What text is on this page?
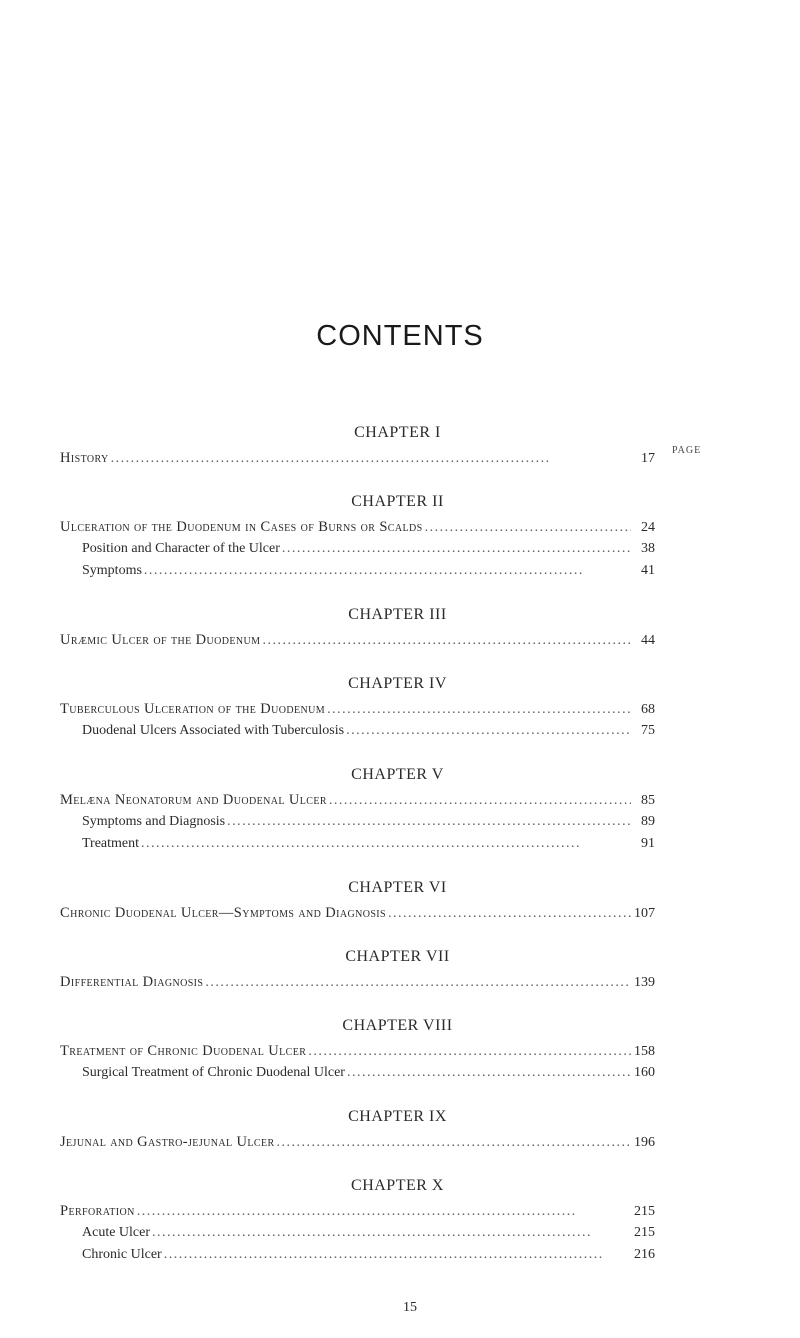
CONTENTS
PAGE
CHAPTER I
History . . .	17
CHAPTER II
Ulceration of the Duodenum in Cases of Burns or Scalds . . .	24
Position and Character of the Ulcer . . .	38
Symptoms . . .	41
CHAPTER III
Uræmic Ulcer of the Duodenum . . .	44
CHAPTER IV
Tuberculous Ulceration of the Duodenum . . .	68
Duodenal Ulcers Associated with Tuberculosis . . .	75
CHAPTER V
Melæna Neonatorum and Duodenal Ulcer . . .	85
Symptoms and Diagnosis . . .	89
Treatment . . .	91
CHAPTER VI
Chronic Duodenal Ulcer—Symptoms and Diagnosis . . .	107
CHAPTER VII
Differential Diagnosis . . .	139
CHAPTER VIII
Treatment of Chronic Duodenal Ulcer . . .	158
Surgical Treatment of Chronic Duodenal Ulcer . . .	160
CHAPTER IX
Jejunal and Gastro-jejunal Ulcer . . .	196
CHAPTER X
Perforation . . .	215
Acute Ulcer . . .	215
Chronic Ulcer . . .	216
15
